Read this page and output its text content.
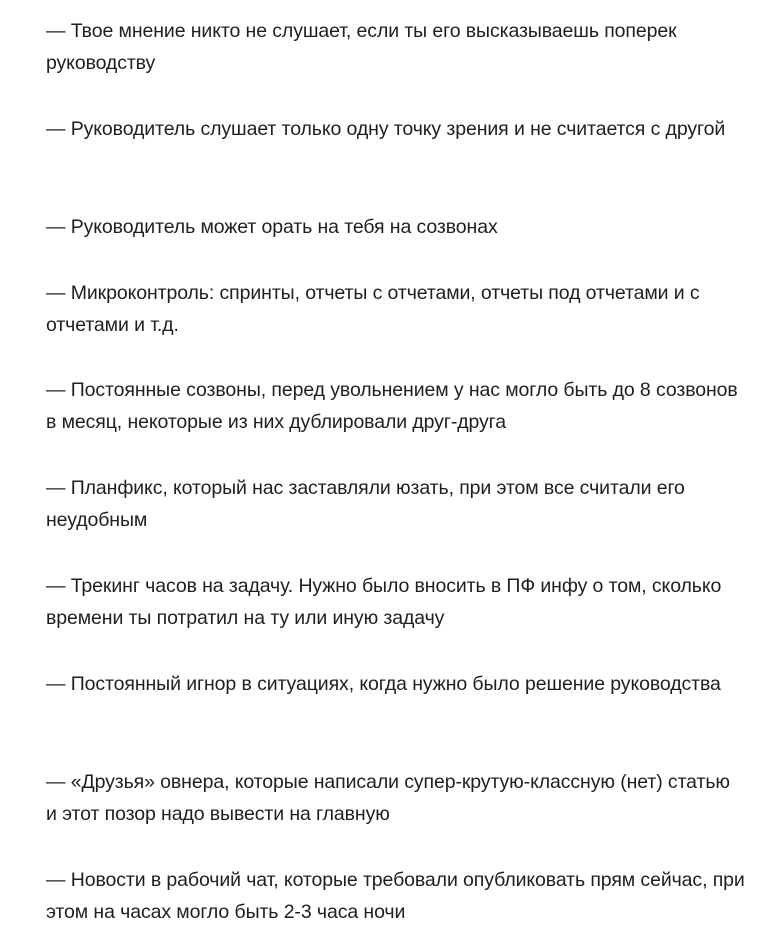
— Твое мнение никто не слушает, если ты его высказываешь поперек руководству

— Руководитель слушает только одну точку зрения и не считается с другой

— Руководитель может орать на тебя на созвонах

— Микроконтроль: спринты, отчеты с отчетами, отчеты под отчетами и с отчетами и т.д.

— Постоянные созвоны, перед увольнением у нас могло быть до 8 созвонов в месяц, некоторые из них дублировали друг-друга

— Планфикс, который нас заставляли юзать, при этом все считали его неудобным

— Трекинг часов на задачу. Нужно было вносить в ПФ инфу о том, сколько времени ты потратил на ту или иную задачу

— Постоянный игнор в ситуациях, когда нужно было решение руководства

— «Друзья» овнера, которые написали супер-крутую-классную (нет) статью и этот позор надо вывести на главную

— Новости в рабочий чат, которые требовали опубликовать прям сейчас, при этом на часах могло быть 2-3 часа ночи
